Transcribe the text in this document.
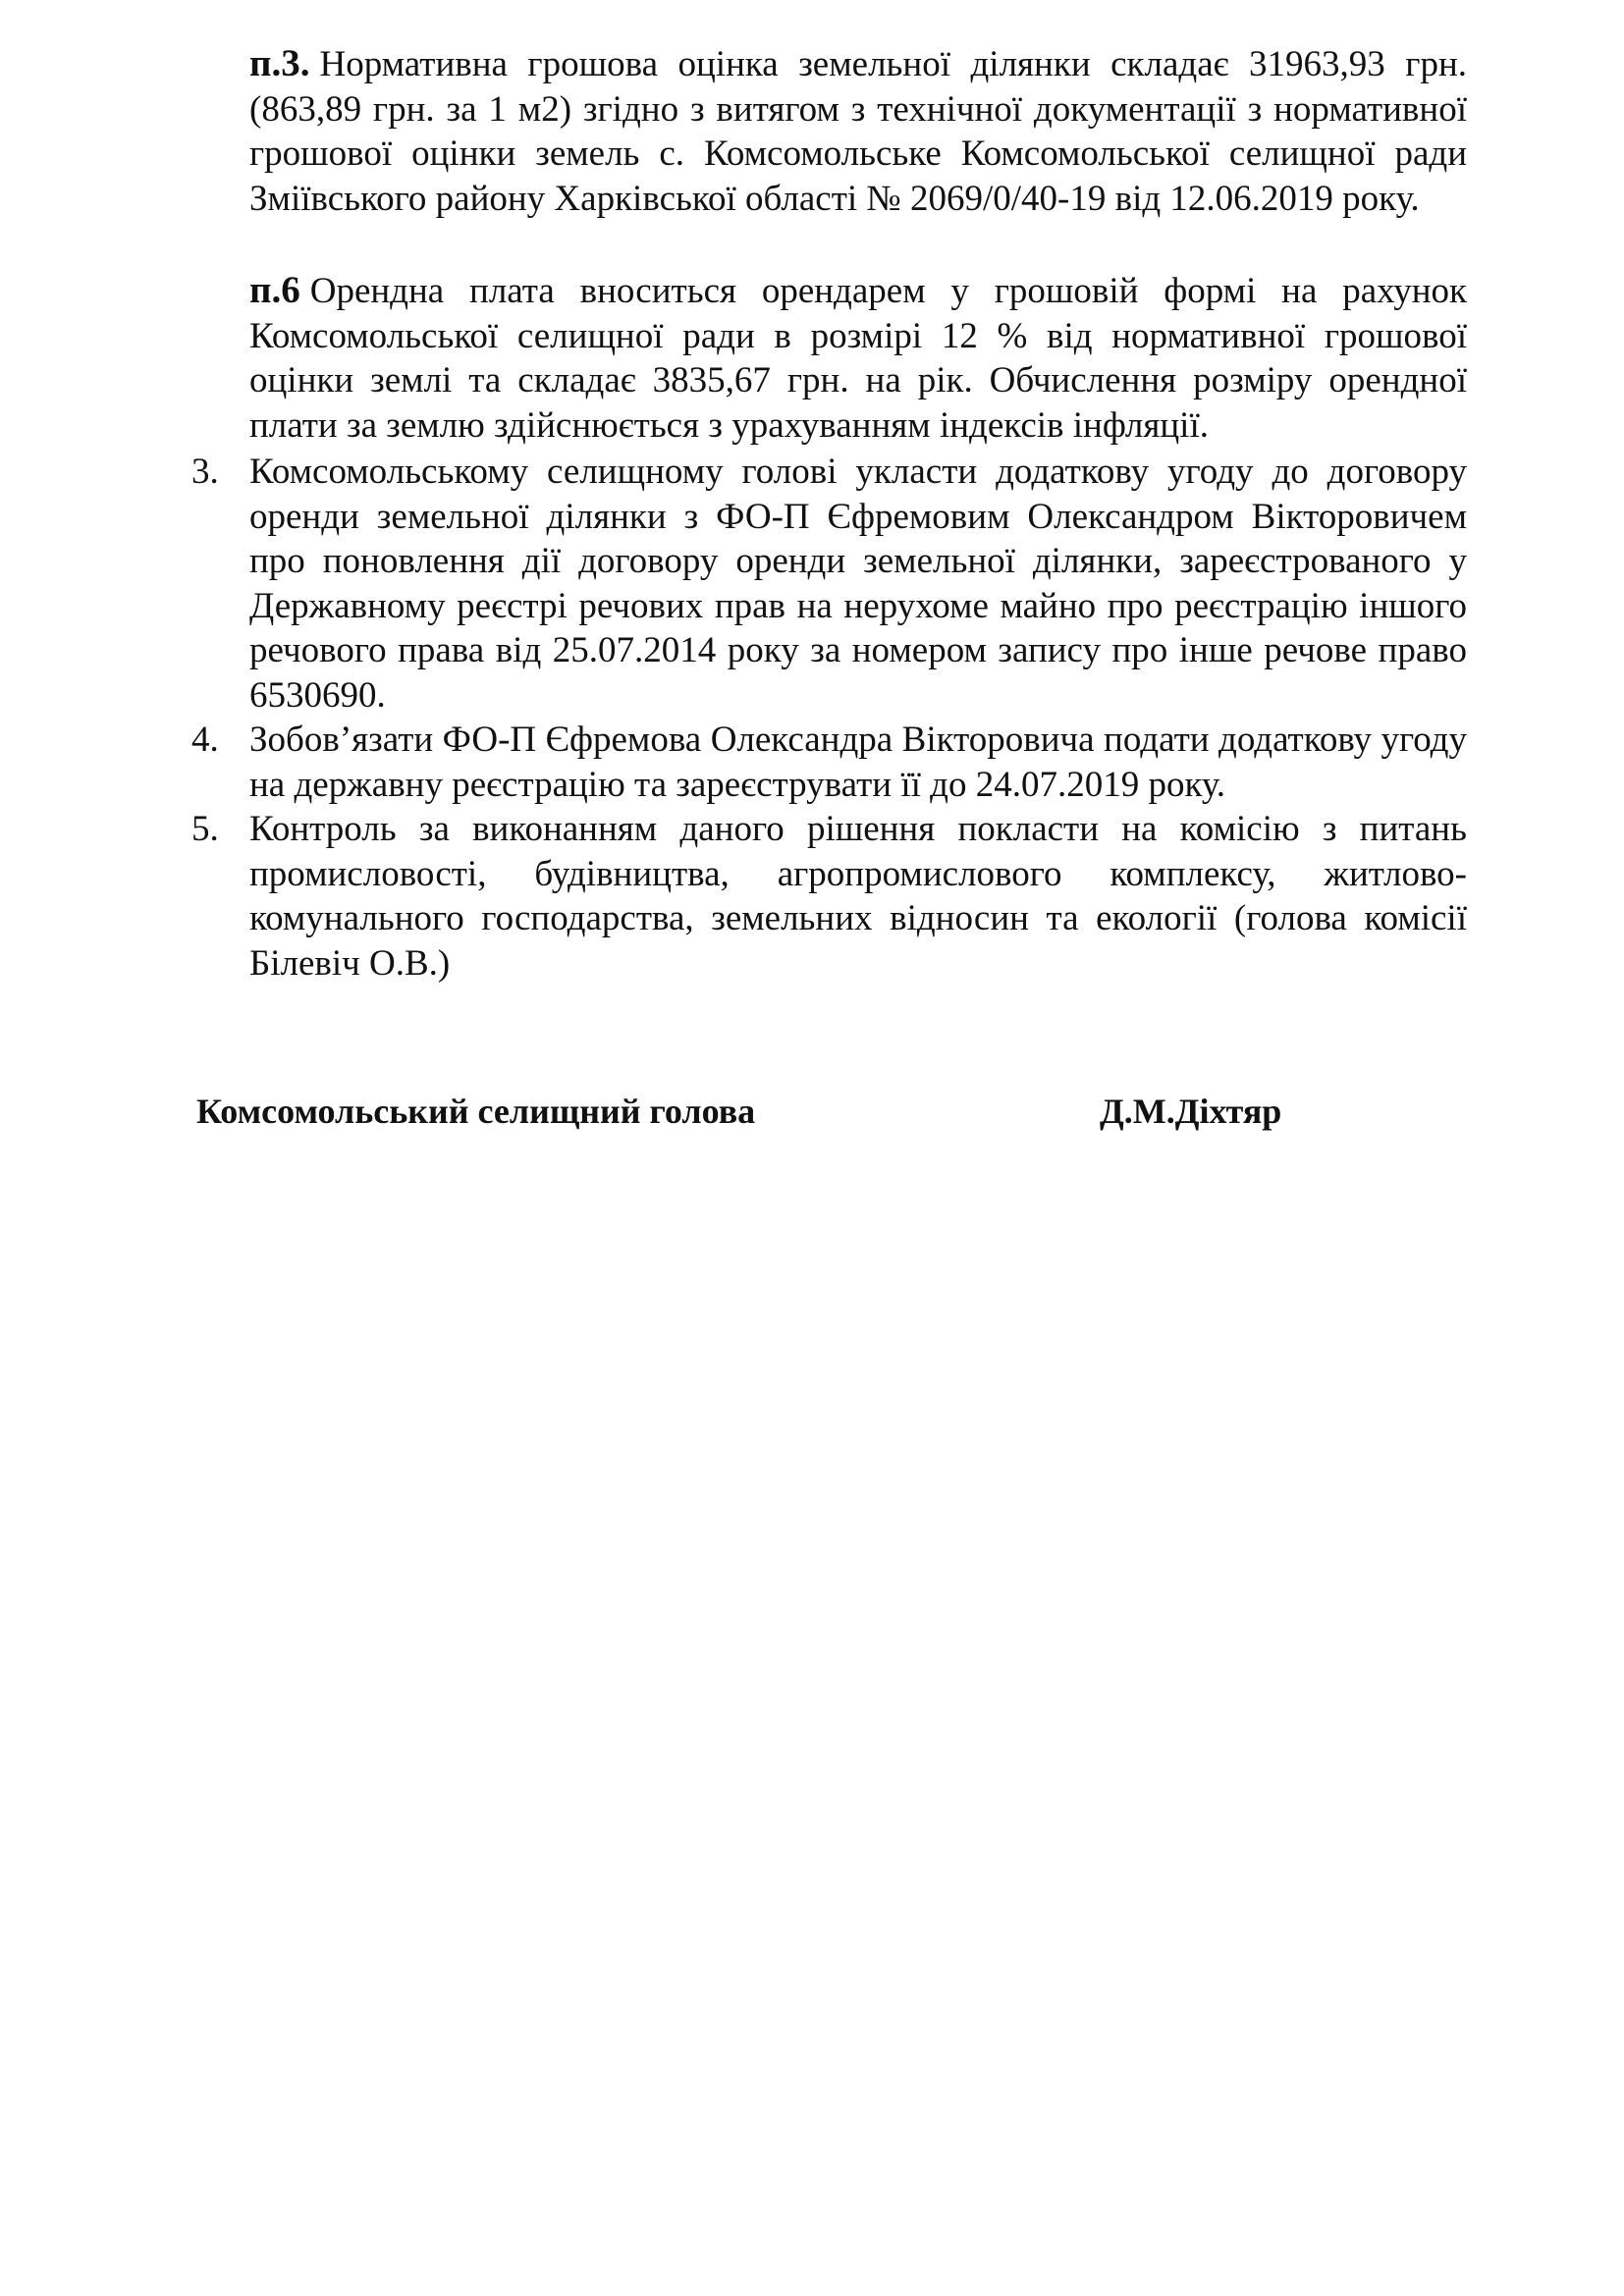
п.3. Нормативна грошова оцінка земельної ділянки складає 31963,93 грн. (863,89 грн. за 1 м2) згідно з витягом з технічної документації з нормативної грошової оцінки земель с. Комсомольське Комсомольської селищної ради Зміївського району Харківської області № 2069/0/40-19 від 12.06.2019 року.

п.6 Орендна плата вноситься орендарем у грошовій формі на рахунок Комсомольської селищної ради в розмірі 12 % від нормативної грошової оцінки землі та складає 3835,67 грн. на рік. Обчислення розміру орендної плати за землю здійснюється з урахуванням індексів інфляції.

3. Комсомольському селищному голові укласти додаткову угоду до договору оренди земельної ділянки з ФО-П Єфремовим Олександром Вікторовичем про поновлення дії договору оренди земельної ділянки, зареєстрованого у Державному реєстрі речових прав на нерухоме майно про реєстрацію іншого речового права від 25.07.2014 року за номером запису про інше речове право 6530690.
4. Зобов’язати ФО-П Єфремова Олександра Вікторовича подати додаткову угоду на державну реєстрацію та зареєструвати її до 24.07.2019 року.
5. Контроль за виконанням даного рішення покласти на комісію з питань промисловості, будівництва, агропромислового комплексу, житлово-комунального господарства, земельних відносин та екології (голова комісії Білевіч О.В.)
Комсомольський селищний голова	Д.М.Діхтяр
